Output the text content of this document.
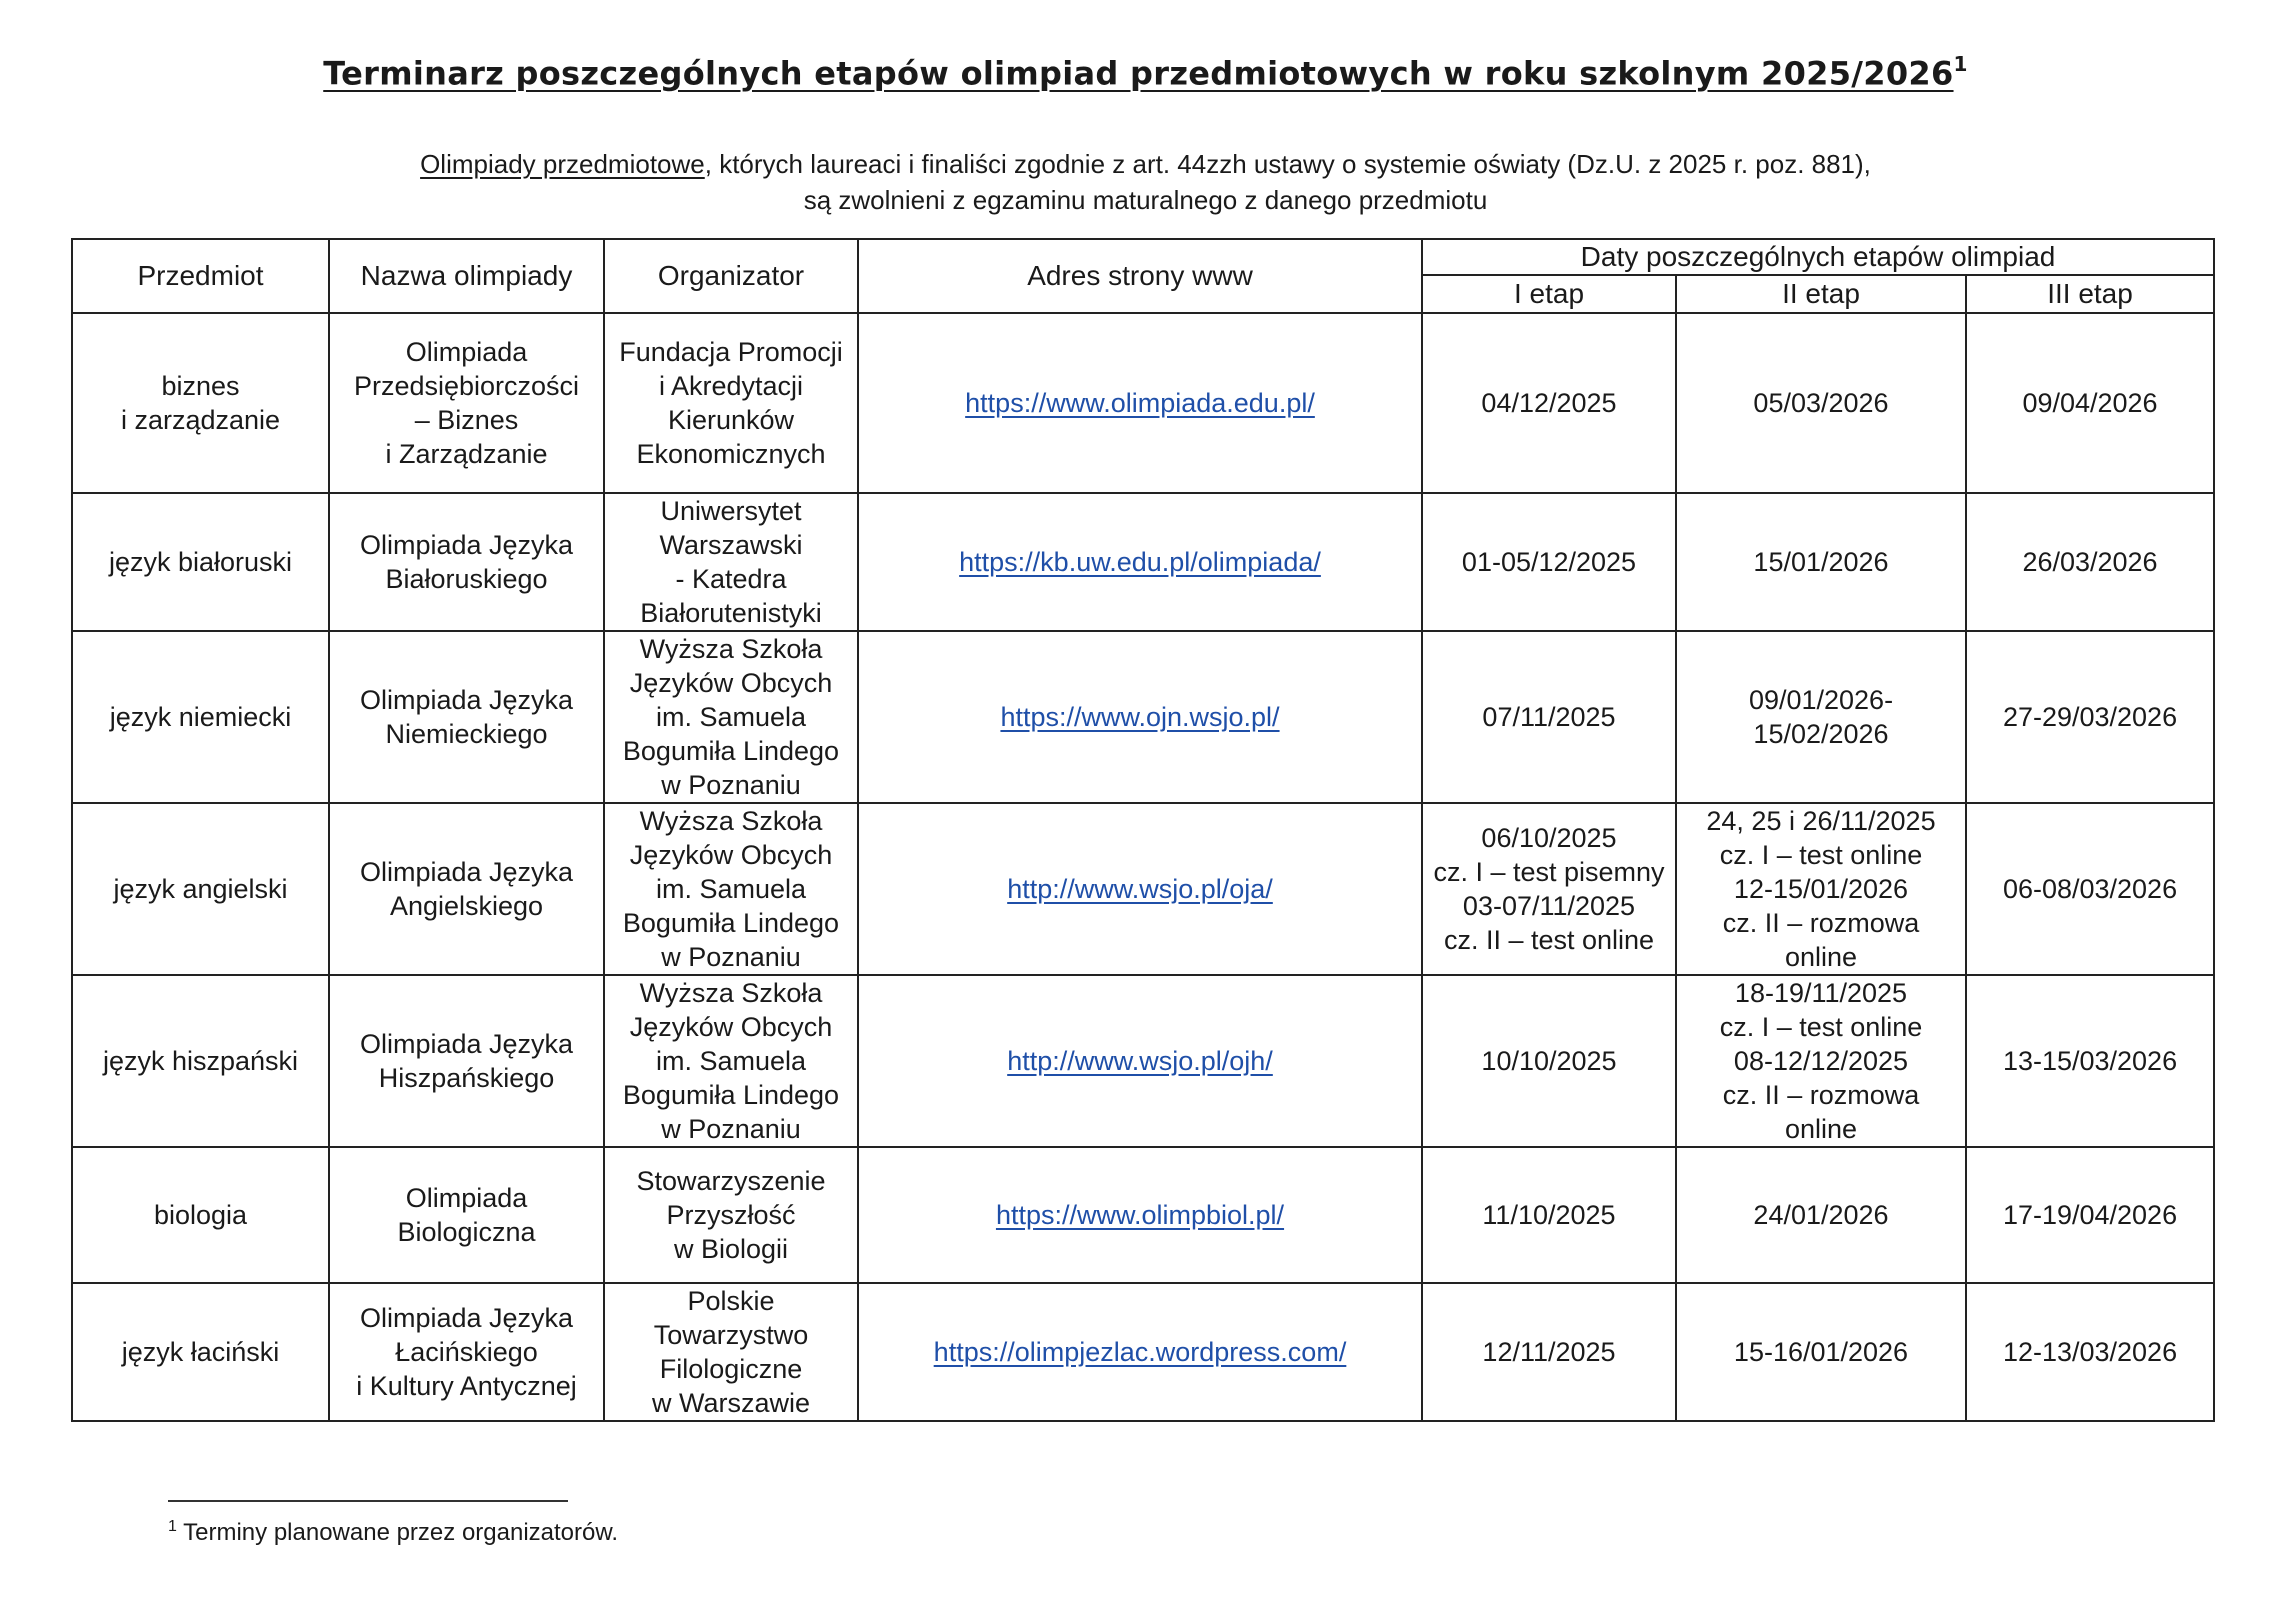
Terminarz poszczególnych etapów olimpiad przedmiotowych w roku szkolnym 2025/2026$^1$
Olimpiady przedmiotowe, których laureaci i finaliści zgodnie z art. 44zzh ustawy o systemie oświaty (Dz.U. z 2025 r. poz. 881),
są zwolnieni z egzaminu maturalnego z danego przedmiotu
Przedmiot	Nazwa olimpiady	Organizator	Adres strony www	Daty poszczególnych etapów olimpiad		
				I etap	II etap	III etap

biznes
i zarządzanie	Olimpiada
Przedsiębiorczości
– Biznes
i Zarządzanie	Fundacja Promocji
i Akredytacji
Kierunków
Ekonomicznych	https://www.olimpiada.edu.pl/	04/12/2025	05/03/2026	09/04/2026

język białoruski	Olimpiada Języka
Białoruskiego	Uniwersytet
Warszawski
- Katedra
Białorutenistyki	https://kb.uw.edu.pl/olimpiada/	01-05/12/2025	15/01/2026	26/03/2026

język niemiecki	Olimpiada Języka
Niemieckiego	Wyższa Szkoła
Języków Obcych
im. Samuela
Bogumiła Lindego
w Poznaniu	https://www.ojn.wsjo.pl/	07/11/2025	09/01/2026-
15/02/2026	27-29/03/2026

język angielski	Olimpiada Języka
Angielskiego	Wyższa Szkoła
Języków Obcych
im. Samuela
Bogumiła Lindego
w Poznaniu	http://www.wsjo.pl/oja/	06/10/2025
cz. I – test pisemny
03-07/11/2025
cz. II – test online	24, 25 i 26/11/2025
cz. I – test online
12-15/01/2026
cz. II – rozmowa
online	06-08/03/2026

język hiszpański	Olimpiada Języka
Hiszpańskiego	Wyższa Szkoła
Języków Obcych
im. Samuela
Bogumiła Lindego
w Poznaniu	http://www.wsjo.pl/ojh/	10/10/2025	18-19/11/2025
cz. I – test online
08-12/12/2025
cz. II – rozmowa
online	13-15/03/2026

biologia	Olimpiada
Biologiczna	Stowarzyszenie
Przyszłość
w Biologii	https://www.olimpbiol.pl/	11/10/2025	24/01/2026	17-19/04/2026

język łaciński	Olimpiada Języka
Łacińskiego
i Kultury Antycznej	Polskie
Towarzystwo
Filologiczne
w Warszawie	https://olimpjezlac.wordpress.com/	12/11/2025	15-16/01/2026	12-13/03/2026
$^1$ Terminy planowane przez organizatorów.
